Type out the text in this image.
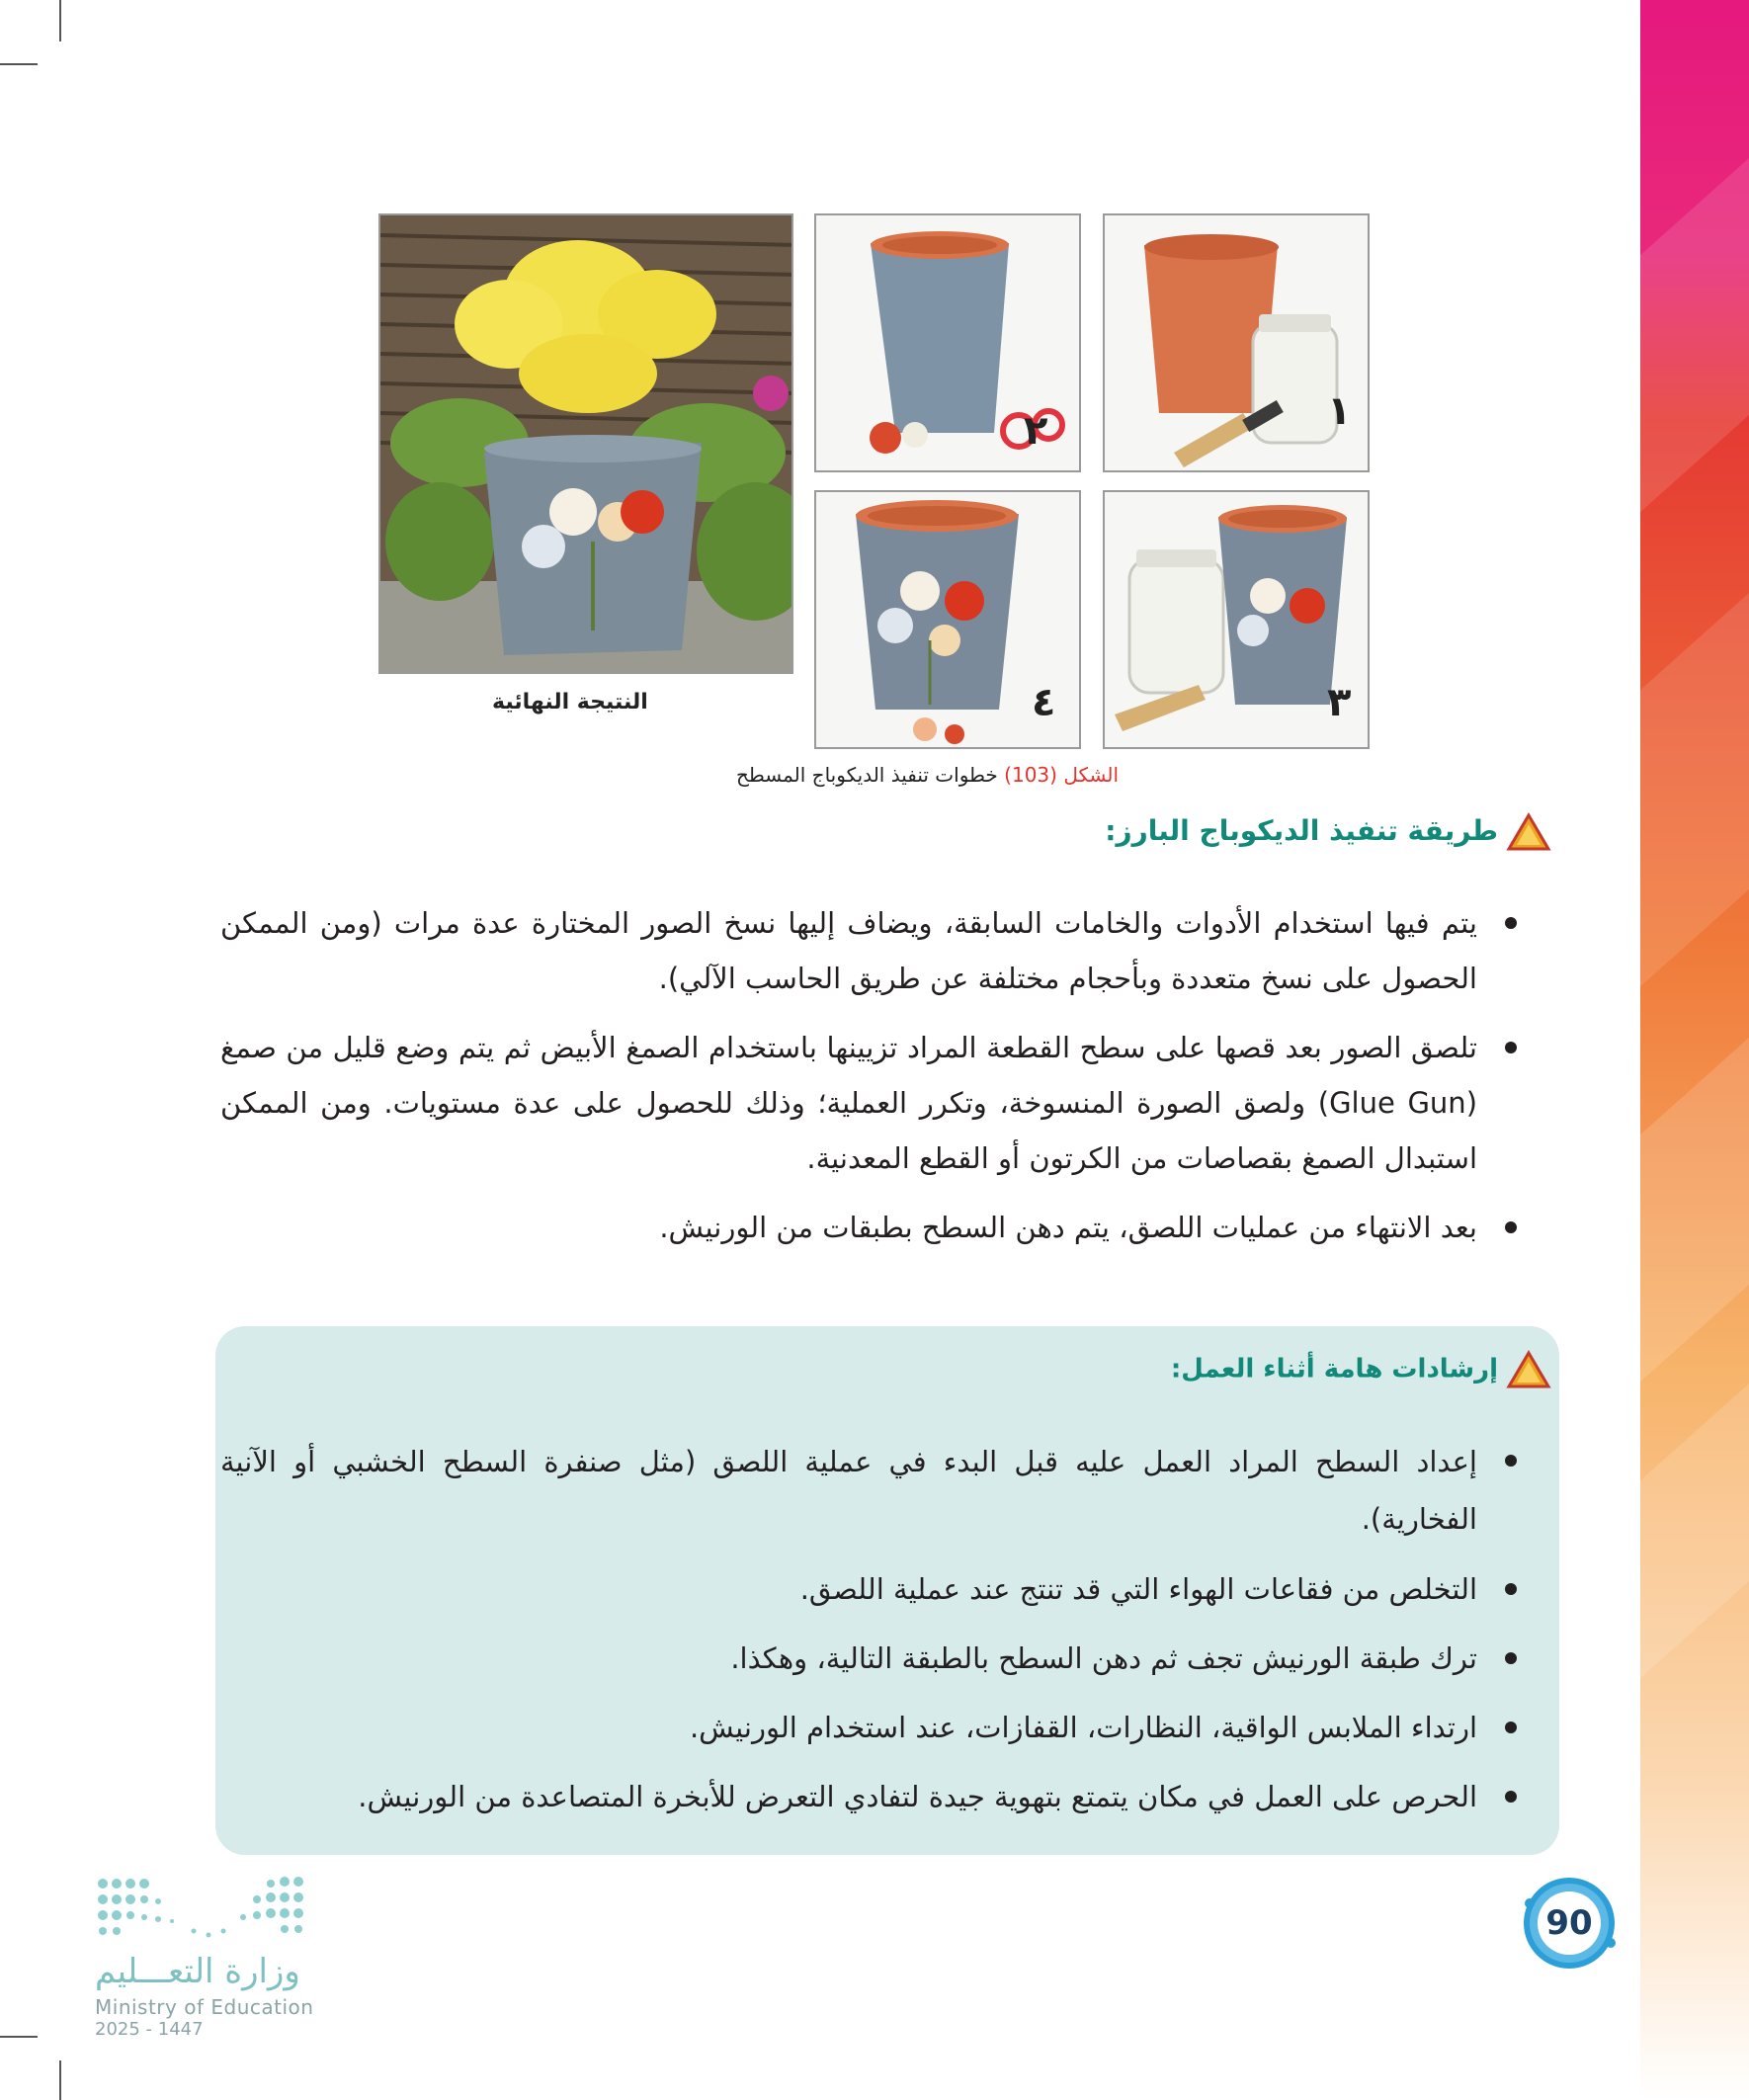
النتيجة النهائية
٢	١
٤	٣
الشكل (103) خطوات تنفيذ الديكوباج المسطح
طريقة تنفيذ الديكوباج البارز:
يتم فيها استخدام الأدوات والخامات السابقة، ويضاف إليها نسخ الصور المختارة عدة مرات (ومن الممكن الحصول على نسخ متعددة وبأحجام مختلفة عن طريق الحاسب الآلي).
تلصق الصور بعد قصها على سطح القطعة المراد تزيينها باستخدام الصمغ الأبيض ثم يتم وضع قليل من صمغ (Glue Gun) ولصق الصورة المنسوخة، وتكرر العملية؛ وذلك للحصول على عدة مستويات. ومن الممكن استبدال الصمغ بقصاصات من الكرتون أو القطع المعدنية.
بعد الانتهاء من عمليات اللصق، يتم دهن السطح بطبقات من الورنيش.
إرشادات هامة أثناء العمل:
إعداد السطح المراد العمل عليه قبل البدء في عملية اللصق (مثل صنفرة السطح الخشبي أو الآنية الفخارية).
التخلص من فقاعات الهواء التي قد تنتج عند عملية اللصق.
ترك طبقة الورنيش تجف ثم دهن السطح بالطبقة التالية، وهكذا.
ارتداء الملابس الواقية، النظارات، القفازات، عند استخدام الورنيش.
الحرص على العمل في مكان يتمتع بتهوية جيدة لتفادي التعرض للأبخرة المتصاعدة من الورنيش.
وزارة التعـــليم
Ministry of Education
2025 - 1447
90
